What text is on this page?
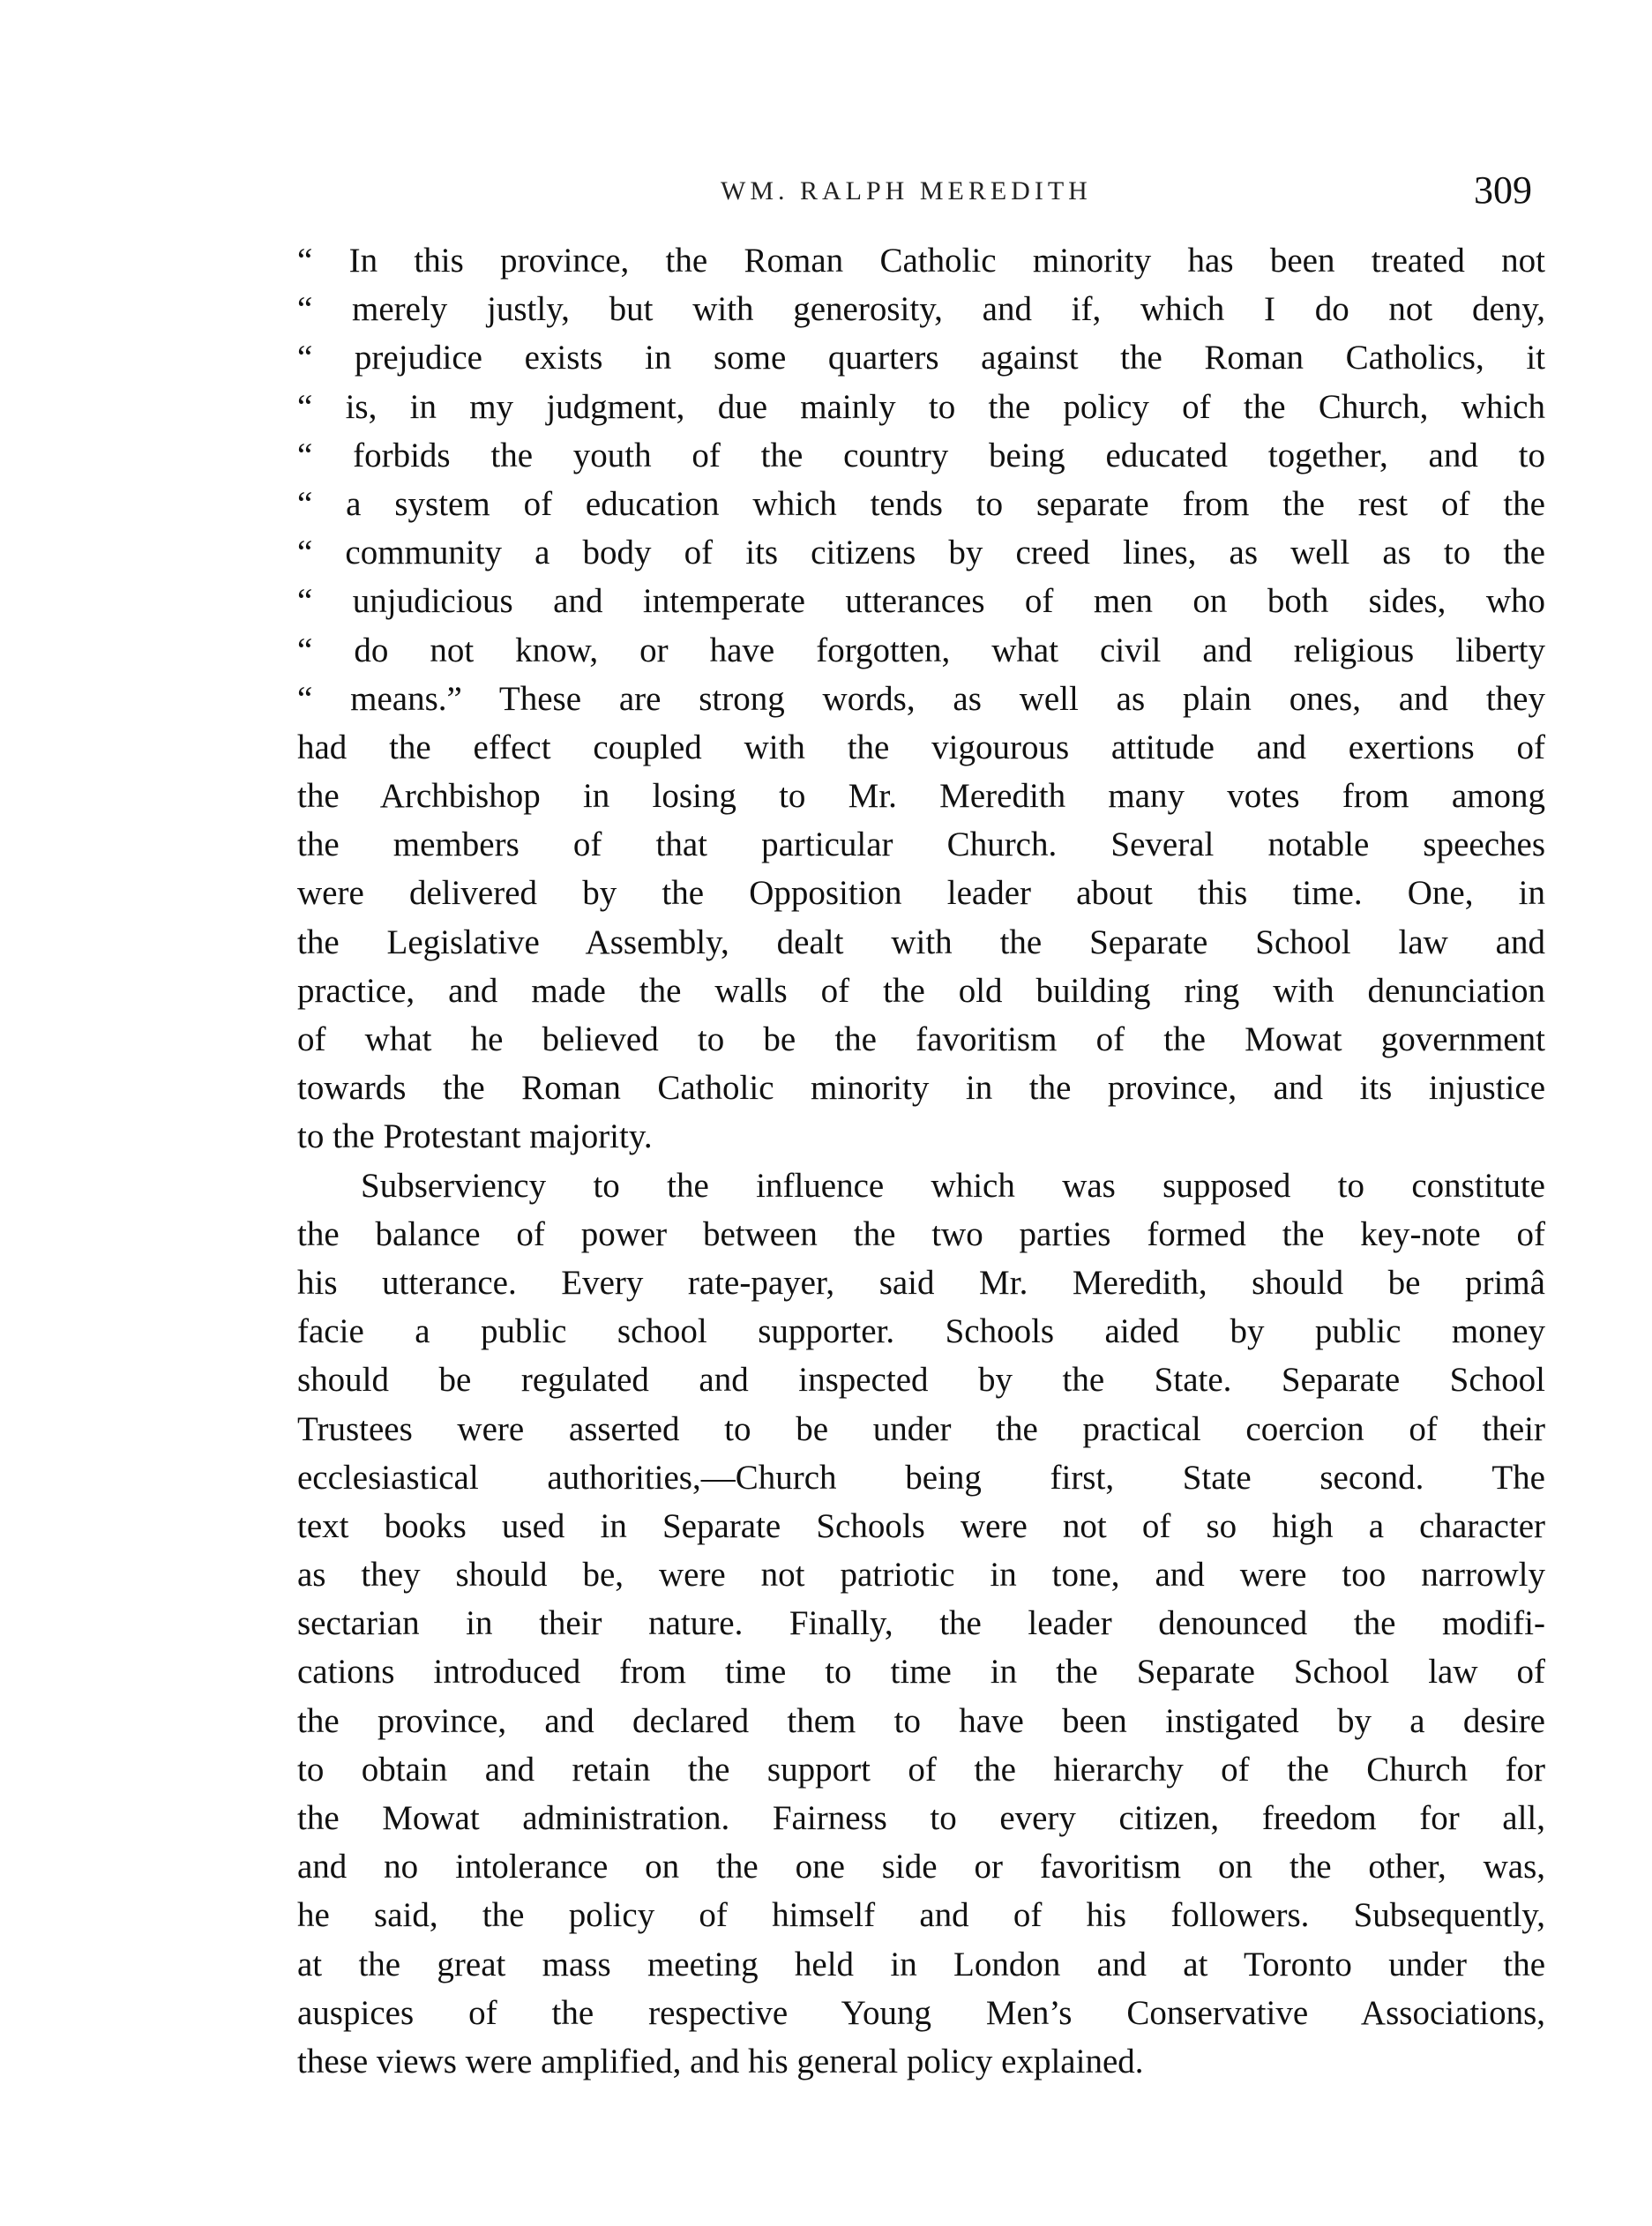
WM. RALPH MEREDITH	309
“ In this province, the Roman Catholic minority has been treated not
“ merely justly, but with generosity, and if, which I do not deny,
“ prejudice exists in some quarters against the Roman Catholics, it
“ is, in my judgment, due mainly to the policy of the Church, which
“ forbids the youth of the country being educated together, and to
“ a system of education which tends to separate from the rest of the
“ community a body of its citizens by creed lines, as well as to the
“ unjudicious and intemperate utterances of men on both sides, who
“ do not know, or have forgotten, what civil and religious liberty
“ means.” These are strong words, as well as plain ones, and they
had the effect coupled with the vigourous attitude and exertions of
the Archbishop in losing to Mr. Meredith many votes from among
the members of that particular Church. Several notable speeches
were delivered by the Opposition leader about this time. One, in
the Legislative Assembly, dealt with the Separate School law and
practice, and made the walls of the old building ring with denunciation
of what he believed to be the favoritism of the Mowat government
towards the Roman Catholic minority in the province, and its injustice
to the Protestant majority.
Subserviency to the influence which was supposed to constitute
the balance of power between the two parties formed the key-note of
his utterance. Every rate-payer, said Mr. Meredith, should be primâ
facie a public school supporter. Schools aided by public money
should be regulated and inspected by the State. Separate School
Trustees were asserted to be under the practical coercion of their
ecclesiastical authorities,—Church being first, State second. The
text books used in Separate Schools were not of so high a character
as they should be, were not patriotic in tone, and were too narrowly
sectarian in their nature. Finally, the leader denounced the modifi-
cations introduced from time to time in the Separate School law of
the province, and declared them to have been instigated by a desire
to obtain and retain the support of the hierarchy of the Church for
the Mowat administration. Fairness to every citizen, freedom for all,
and no intolerance on the one side or favoritism on the other, was,
he said, the policy of himself and of his followers. Subsequently,
at the great mass meeting held in London and at Toronto under the
auspices of the respective Young Men’s Conservative Associations,
these views were amplified, and his general policy explained.
